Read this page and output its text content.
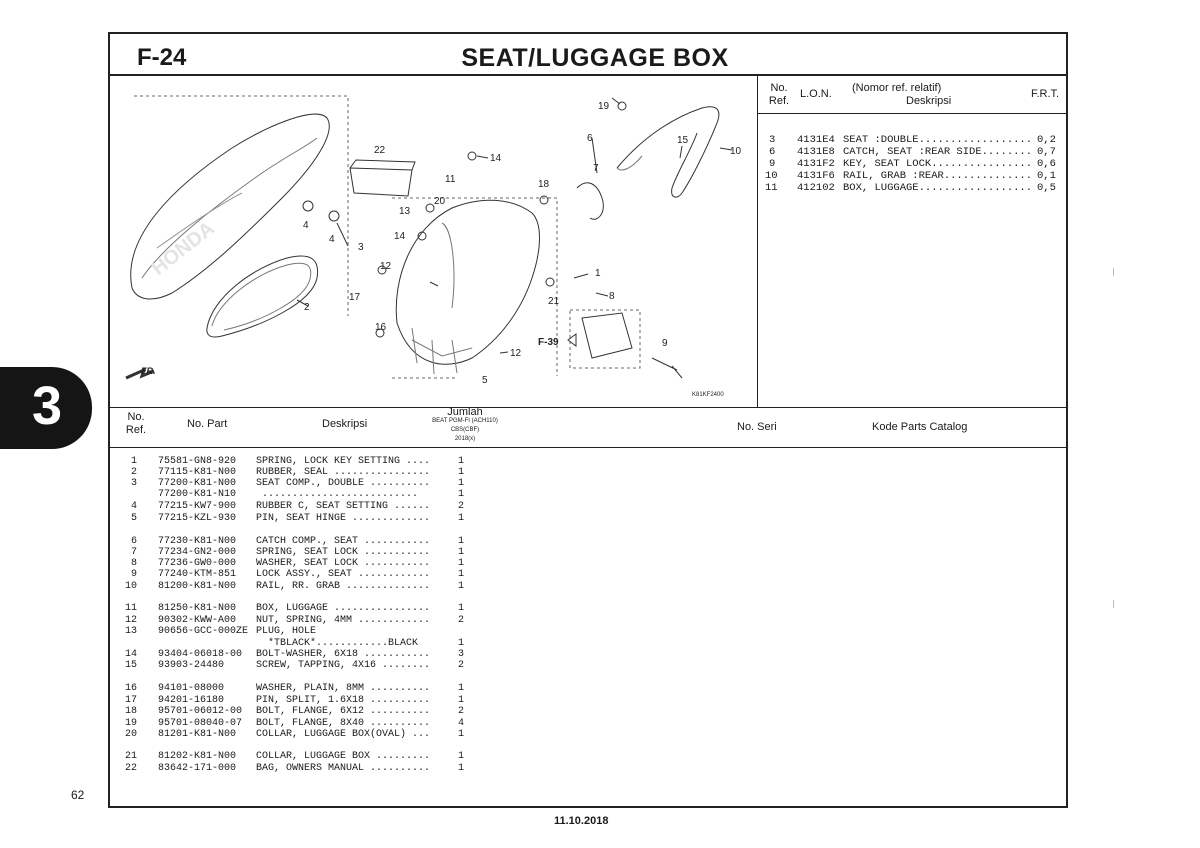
3
F-24	SEAT/LUGGAGE BOX
No.
Ref.
L.O.N. (Nomor ref. relatif)
Deskripsi
F.R.T.

3 4131E4 SEAT :DOUBLE.................. 0,2

6 4131E8 CATCH, SEAT :REAR SIDE........ 0,7

9 4131F2 KEY, SEAT LOCK................ 0,6

10 4131F6 RAIL, GRAB :REAR.............. 0,1

11 412102 BOX, LUGGAGE.................. 0,5

1
2
3
4
4
5
6
7
8
9
10
11
12
12
13
14
14
15
16
17
18
19
20
21
22
FR.
F-39
K81KF2400
HONDA
No.
Ref.	No. Part	Deskripsi
Jumlah
BEAT PGM-FI (ACH110)
CBS(CBF)
2018(x)
No. Seri	Kode Parts Catalog
1 75581-GN8-920 SPRING, LOCK KEY SETTING ....	1
2 77115-K81-N00 RUBBER, SEAL ................	1
3 77200-K81-N00 SEAT COMP., DOUBLE ..........	1
77200-K81-N10 ..........................	1
4 77215-KW7-900 RUBBER C, SEAT SETTING ......	2
5 77215-KZL-930 PIN, SEAT HINGE .............	1
6 77230-K81-N00 CATCH COMP., SEAT ...........	1
7 77234-GN2-000 SPRING, SEAT LOCK ...........	1
8 77236-GW0-000 WASHER, SEAT LOCK ...........	1
9 77240-KTM-851 LOCK ASSY., SEAT ............	1
10 81200-K81-N00 RAIL, RR. GRAB ..............	1
11 81250-K81-N00 BOX, LUGGAGE ................	1
12 90302-KWW-A00 NUT, SPRING, 4MM ............	2
13 90656-GCC-000ZE PLUG, HOLE
*TBLACK*............BLACK	1
14 93404-06018-00 BOLT-WASHER, 6X18 ...........	3
15 93903-24480	SCREW, TAPPING, 4X16 ........	2
16 94101-08000	WASHER, PLAIN, 8MM ..........	1
17 94201-16180	PIN, SPLIT, 1.6X18 ..........	1
18 95701-06012-00 BOLT, FLANGE, 6X12 ..........	2
19 95701-08040-07 BOLT, FLANGE, 8X40 ..........	4
20 81201-K81-N00 COLLAR, LUGGAGE BOX(OVAL) ...	1
21 81202-K81-N00 COLLAR, LUGGAGE BOX .........	1
22 83642-171-000 BAG, OWNERS MANUAL ..........	1
62
11.10.2018
